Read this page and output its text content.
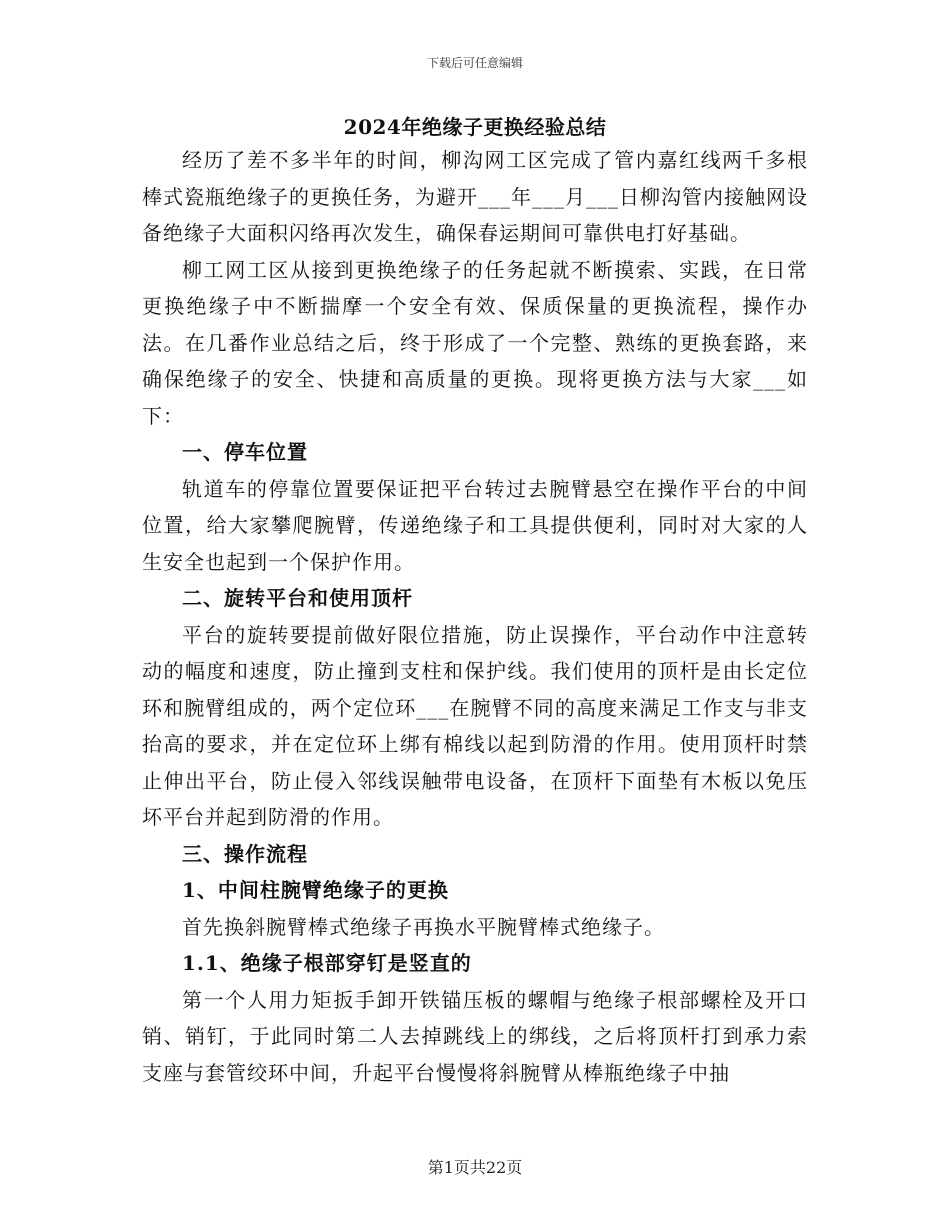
下载后可任意编辑
2024年绝缘子更换经验总结

经历了差不多半年的时间，柳沟网工区完成了管内嘉红线两千多根棒式瓷瓶绝缘子的更换任务，为避开___年___月___日柳沟管内接触网设备绝缘子大面积闪络再次发生，确保春运期间可靠供电打好基础。

柳工网工区从接到更换绝缘子的任务起就不断摸索、实践，在日常更换绝缘子中不断揣摩一个安全有效、保质保量的更换流程，操作办法。在几番作业总结之后，终于形成了一个完整、熟练的更换套路，来确保绝缘子的安全、快捷和高质量的更换。现将更换方法与大家___如下：

一、停车位置

轨道车的停靠位置要保证把平台转过去腕臂悬空在操作平台的中间位置，给大家攀爬腕臂，传递绝缘子和工具提供便利，同时对大家的人生安全也起到一个保护作用。

二、旋转平台和使用顶杆

平台的旋转要提前做好限位措施，防止误操作，平台动作中注意转动的幅度和速度，防止撞到支柱和保护线。我们使用的顶杆是由长定位环和腕臂组成的，两个定位环___在腕臂不同的高度来满足工作支与非支抬高的要求，并在定位环上绑有棉线以起到防滑的作用。使用顶杆时禁止伸出平台，防止侵入邻线误触带电设备，在顶杆下面垫有木板以免压坏平台并起到防滑的作用。

三、操作流程

1、中间柱腕臂绝缘子的更换

首先换斜腕臂棒式绝缘子再换水平腕臂棒式绝缘子。

1.1、绝缘子根部穿钉是竖直的

第一个人用力矩扳手卸开铁锚压板的螺帽与绝缘子根部螺栓及开口销、销钉，于此同时第二人去掉跳线上的绑线，之后将顶杆打到承力索支座与套管绞环中间，升起平台慢慢将斜腕臂从棒瓶绝缘子中抽

第1页共22页
